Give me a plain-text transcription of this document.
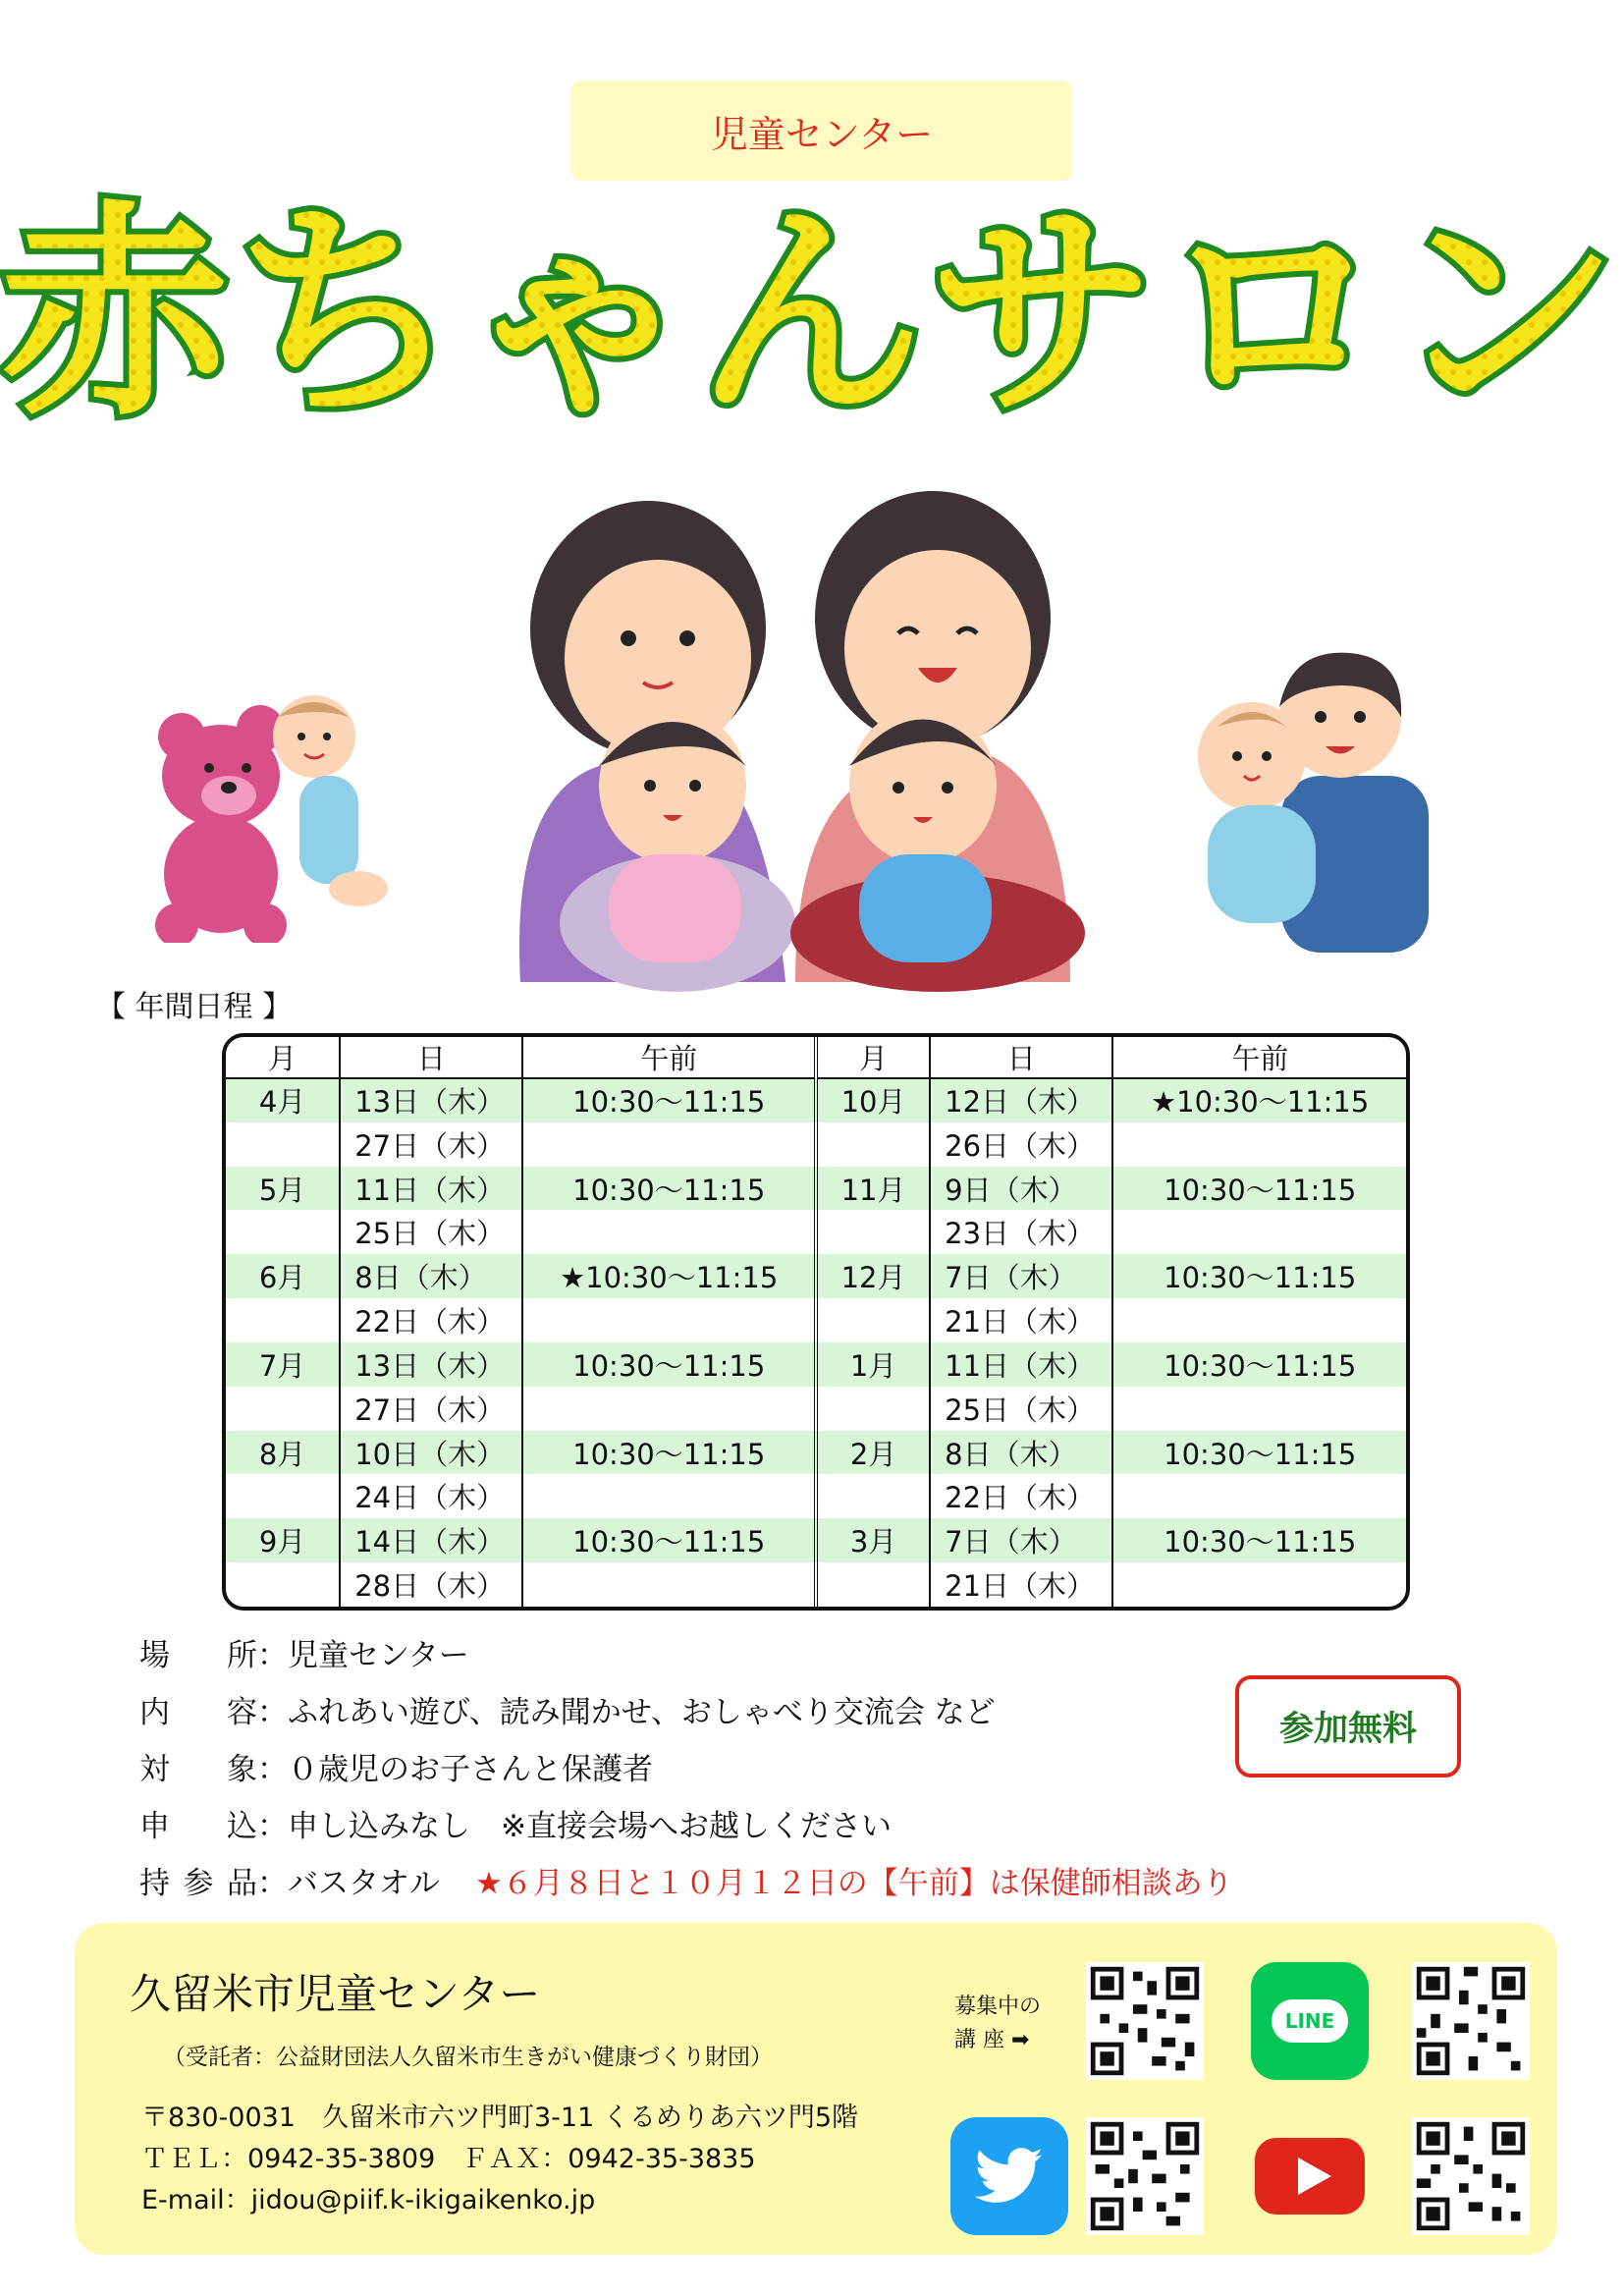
児童センター
赤ちゃんサロン
【 年間日程 】
月	日	午前	月	日	午前
4月	13日（木）	10:30〜11:15	10月	12日（木）	★10:30〜11:15
	27日（木）			26日（木）	
5月	11日（木）	10:30〜11:15	11月	9日（木）	10:30〜11:15
	25日（木）			23日（木）	
6月	8日（木）	★10:30〜11:15	12月	7日（木）	10:30〜11:15
	22日（木）			21日（木）	
7月	13日（木）	10:30〜11:15	1月	11日（木）	10:30〜11:15
	27日（木）			25日（木）	
8月	10日（木）	10:30〜11:15	2月	8日（木）	10:30〜11:15
	24日（木）			22日（木）	
9月	14日（木）	10:30〜11:15	3月	7日（木）	10:30〜11:15
	28日（木）			21日（木）	
場　所：児童センター
内　容：ふれあい遊び、読み聞かせ、おしゃべり交流会 など
対　象：０歳児のお子さんと保護者
申　込：申し込みなし　※直接会場へお越しください
持参品：バスタオル ★６月８日と１０月１２日の【午前】は保健師相談あり
参加無料
久留米市児童センター
（受託者：公益財団法人久留米市生きがい健康づくり財団）
〒830-0031　久留米市六ツ門町3-11 くるめりあ六ツ門5階
ＴＥＬ：0942-35-3809　ＦＡＸ：0942-35-3835
E-mail：jidou@piif.k-ikigaikenko.jp
募集中の
講 座 ➡
LINE
